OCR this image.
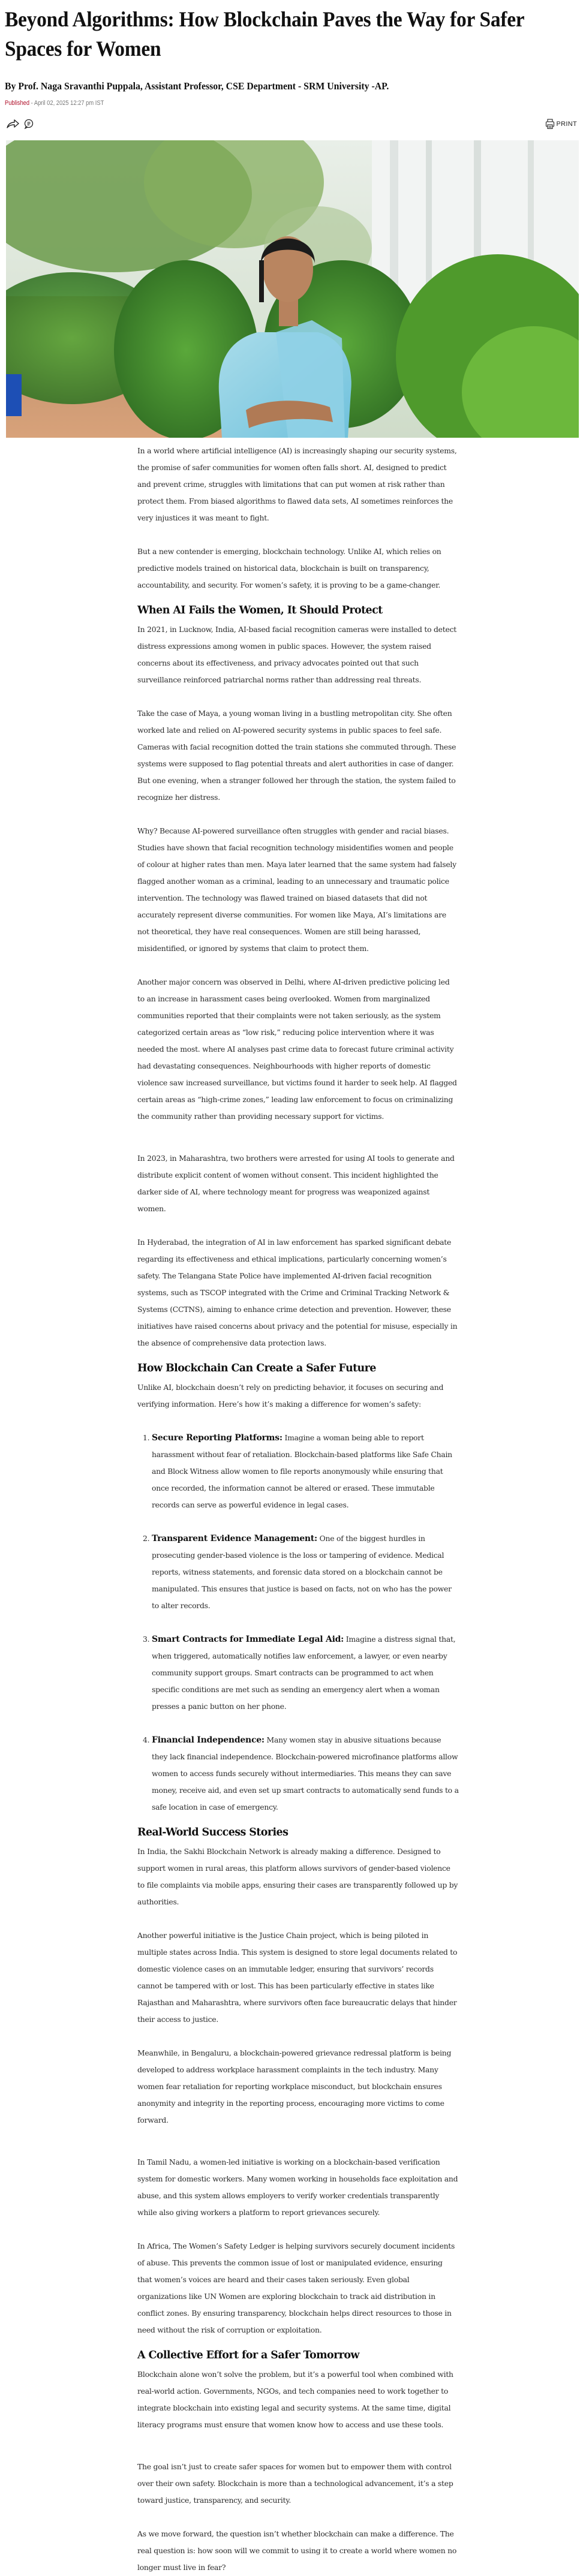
Beyond Algorithms: How Blockchain Paves the Way for Safer Spaces for Women

By Prof. Naga Sravanthi Puppala, Assistant Professor, CSE Department - SRM University -AP.

Published - April 02, 2025 12:27 pm IST
PRINT

In a world where artificial intelligence (AI) is increasingly shaping our security systems, the promise of safer communities for women often falls short. AI, designed to predict and prevent crime, struggles with limitations that can put women at risk rather than protect them. From biased algorithms to flawed data sets, AI sometimes reinforces the very injustices it was meant to fight.

But a new contender is emerging, blockchain technology. Unlike AI, which relies on predictive models trained on historical data, blockchain is built on transparency, accountability, and security. For women’s safety, it is proving to be a game-changer.

When AI Fails the Women, It Should Protect

In 2021, in Lucknow, India, AI-based facial recognition cameras were installed to detect distress expressions among women in public spaces. However, the system raised concerns about its effectiveness, and privacy advocates pointed out that such surveillance reinforced patriarchal norms rather than addressing real threats.

Take the case of Maya, a young woman living in a bustling metropolitan city. She often worked late and relied on AI-powered security systems in public spaces to feel safe. Cameras with facial recognition dotted the train stations she commuted through. These systems were supposed to flag potential threats and alert authorities in case of danger. But one evening, when a stranger followed her through the station, the system failed to recognize her distress.

Why? Because AI-powered surveillance often struggles with gender and racial biases. Studies have shown that facial recognition technology misidentifies women and people of colour at higher rates than men. Maya later learned that the same system had falsely flagged another woman as a criminal, leading to an unnecessary and traumatic police intervention. The technology was flawed trained on biased datasets that did not accurately represent diverse communities. For women like Maya, AI’s limitations are not theoretical, they have real consequences. Women are still being harassed, misidentified, or ignored by systems that claim to protect them.

Another major concern was observed in Delhi, where AI-driven predictive policing led to an increase in harassment cases being overlooked. Women from marginalized communities reported that their complaints were not taken seriously, as the system categorized certain areas as “low risk,” reducing police intervention where it was needed the most. where AI analyses past crime data to forecast future criminal activity had devastating consequences. Neighbourhoods with higher reports of domestic violence saw increased surveillance, but victims found it harder to seek help. AI flagged certain areas as “high-crime zones,” leading law enforcement to focus on criminalizing the community rather than providing necessary support for victims.

In 2023, in Maharashtra, two brothers were arrested for using AI tools to generate and distribute explicit content of women without consent. This incident highlighted the darker side of AI, where technology meant for progress was weaponized against women.

In Hyderabad, the integration of AI in law enforcement has sparked significant debate regarding its effectiveness and ethical implications, particularly concerning women’s safety. The Telangana State Police have implemented AI-driven facial recognition systems, such as TSCOP integrated with the Crime and Criminal Tracking Network & Systems (CCTNS), aiming to enhance crime detection and prevention. However, these initiatives have raised concerns about privacy and the potential for misuse, especially in the absence of comprehensive data protection laws.

How Blockchain Can Create a Safer Future

Unlike AI, blockchain doesn’t rely on predicting behavior, it focuses on securing and verifying information. Here’s how it’s making a difference for women’s safety:

1. Secure Reporting Platforms: Imagine a woman being able to report harassment without fear of retaliation. Blockchain-based platforms like Safe Chain and Block Witness allow women to file reports anonymously while ensuring that once recorded, the information cannot be altered or erased. These immutable records can serve as powerful evidence in legal cases.
2. Transparent Evidence Management: One of the biggest hurdles in prosecuting gender-based violence is the loss or tampering of evidence. Medical reports, witness statements, and forensic data stored on a blockchain cannot be manipulated. This ensures that justice is based on facts, not on who has the power to alter records.
3. Smart Contracts for Immediate Legal Aid: Imagine a distress signal that, when triggered, automatically notifies law enforcement, a lawyer, or even nearby community support groups. Smart contracts can be programmed to act when specific conditions are met such as sending an emergency alert when a woman presses a panic button on her phone.
4. Financial Independence: Many women stay in abusive situations because they lack financial independence. Blockchain-powered microfinance platforms allow women to access funds securely without intermediaries. This means they can save money, receive aid, and even set up smart contracts to automatically send funds to a safe location in case of emergency.
Real-World Success Stories

In India, the Sakhi Blockchain Network is already making a difference. Designed to support women in rural areas, this platform allows survivors of gender-based violence to file complaints via mobile apps, ensuring their cases are transparently followed up by authorities.

Another powerful initiative is the Justice Chain project, which is being piloted in multiple states across India. This system is designed to store legal documents related to domestic violence cases on an immutable ledger, ensuring that survivors’ records cannot be tampered with or lost. This has been particularly effective in states like Rajasthan and Maharashtra, where survivors often face bureaucratic delays that hinder their access to justice.

Meanwhile, in Bengaluru, a blockchain-powered grievance redressal platform is being developed to address workplace harassment complaints in the tech industry. Many women fear retaliation for reporting workplace misconduct, but blockchain ensures anonymity and integrity in the reporting process, encouraging more victims to come forward.

In Tamil Nadu, a women-led initiative is working on a blockchain-based verification system for domestic workers. Many women working in households face exploitation and abuse, and this system allows employers to verify worker credentials transparently while also giving workers a platform to report grievances securely.

In Africa, The Women’s Safety Ledger is helping survivors securely document incidents of abuse. This prevents the common issue of lost or manipulated evidence, ensuring that women’s voices are heard and their cases taken seriously. Even global organizations like UN Women are exploring blockchain to track aid distribution in conflict zones. By ensuring transparency, blockchain helps direct resources to those in need without the risk of corruption or exploitation.

A Collective Effort for a Safer Tomorrow

Blockchain alone won’t solve the problem, but it’s a powerful tool when combined with real-world action. Governments, NGOs, and tech companies need to work together to integrate blockchain into existing legal and security systems. At the same time, digital literacy programs must ensure that women know how to access and use these tools.

The goal isn’t just to create safer spaces for women but to empower them with control over their own safety. Blockchain is more than a technological advancement, it’s a step toward justice, transparency, and security.

As we move forward, the question isn’t whether blockchain can make a difference. The real question is: how soon will we commit to using it to create a world where women no longer must live in fear?
